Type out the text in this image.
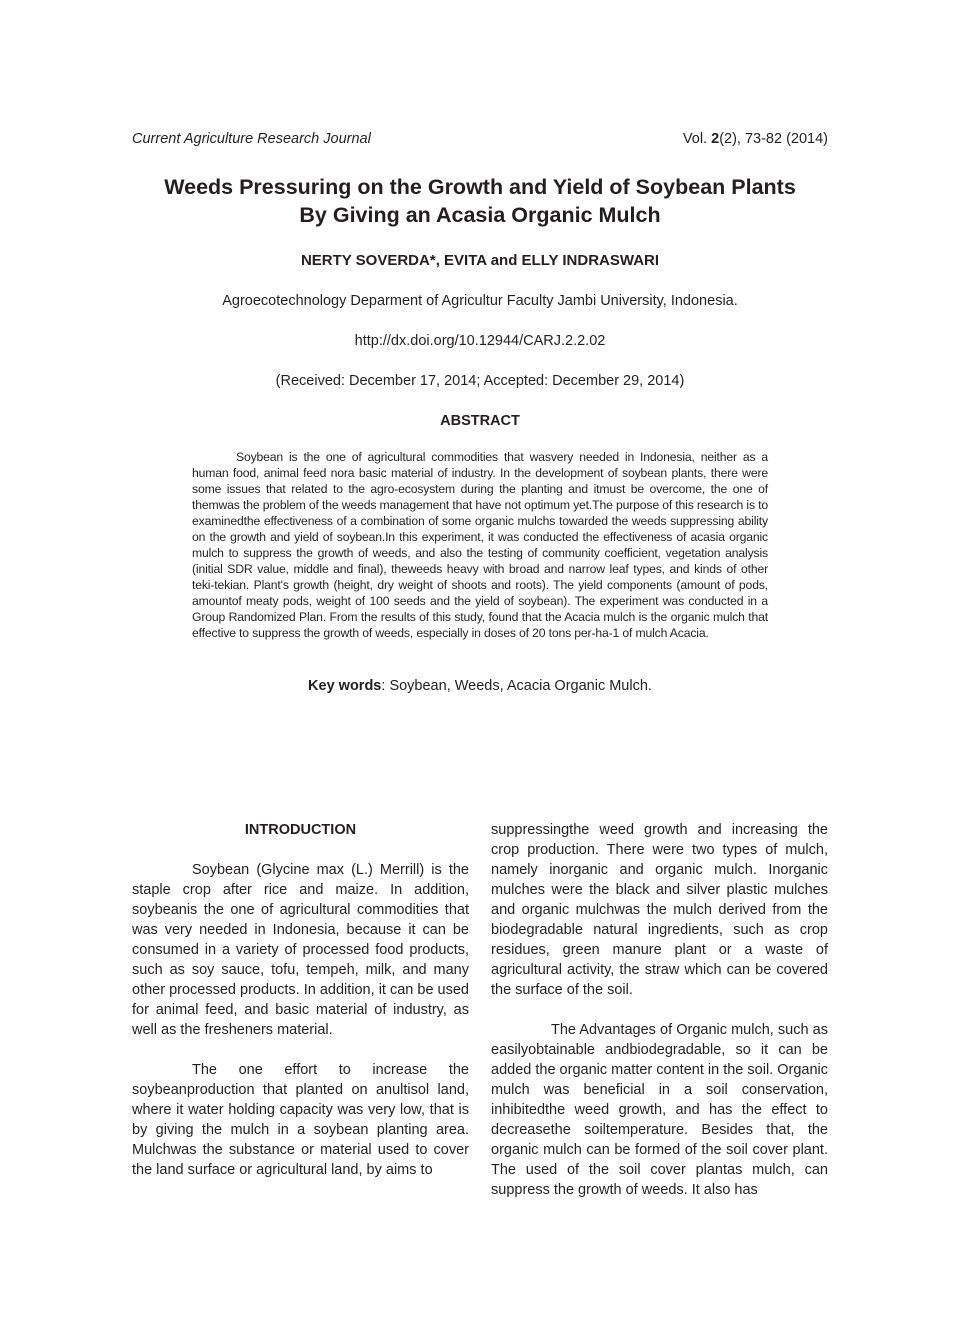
Current Agriculture Research Journal	Vol. 2(2), 73-82 (2014)
Weeds Pressuring on the Growth and Yield of Soybean Plants
By Giving an Acasia Organic Mulch
NERTY SOVERDA*, EVITA and ELLY INDRASWARI
Agroecotechnology Deparment of Agricultur Faculty Jambi University, Indonesia.
http://dx.doi.org/10.12944/CARJ.2.2.02
(Received: December 17, 2014; Accepted: December 29, 2014)
ABSTRACT

Soybean is the one of agricultural commodities that wasvery needed in Indonesia, neither as a human food, animal feed nora basic material of industry. In the development of soybean plants, there were some issues that related to the agro-ecosystem during the planting and itmust be overcome, the one of themwas the problem of the weeds management that have not optimum yet.The purpose of this research is to examinedthe effectiveness of a combination of some organic mulchs towarded the weeds suppressing ability on the growth and yield of soybean.In this experiment, it was conducted the effectiveness of acasia organic mulch to suppress the growth of weeds, and also the testing of community coefficient, vegetation analysis (initial SDR value, middle and final), theweeds heavy with broad and narrow leaf types, and kinds of other teki-tekian. Plant's growth (height, dry weight of shoots and roots). The yield components (amount of pods, amountof meaty pods, weight of 100 seeds and the yield of soybean). The experiment was conducted in a Group Randomized Plan. From the results of this study, found that the Acacia mulch is the organic mulch that effective to suppress the growth of weeds, especially in doses of 20 tons per-ha-1 of mulch Acacia.

Key words: Soybean, Weeds, Acacia Organic Mulch.
INTRODUCTION

Soybean (Glycine max (L.) Merrill) is the staple crop after rice and maize. In addition, soybeanis the one of agricultural commodities that was very needed in Indonesia, because it can be consumed in a variety of processed food products, such as soy sauce, tofu, tempeh, milk, and many other processed products. In addition, it can be used for animal feed, and basic material of industry, as well as the fresheners material.

The one effort to increase the soybeanproduction that planted on anultisol land, where it water holding capacity was very low, that is by giving the mulch in a soybean planting area. Mulchwas the substance or material used to cover the land surface or agricultural land, by aims to

suppressingthe weed growth and increasing the crop production. There were two types of mulch, namely inorganic and organic mulch. Inorganic mulches were the black and silver plastic mulches and organic mulchwas the mulch derived from the biodegradable natural ingredients, such as crop residues, green manure plant or a waste of agricultural activity, the straw which can be covered the surface of the soil.

The Advantages of Organic mulch, such as easilyobtainable andbiodegradable, so it can be added the organic matter content in the soil. Organic mulch was beneficial in a soil conservation, inhibitedthe weed growth, and has the effect to decreasethe soiltemperature. Besides that, the organic mulch can be formed of the soil cover plant. The used of the soil cover plantas mulch, can suppress the growth of weeds. It also has
